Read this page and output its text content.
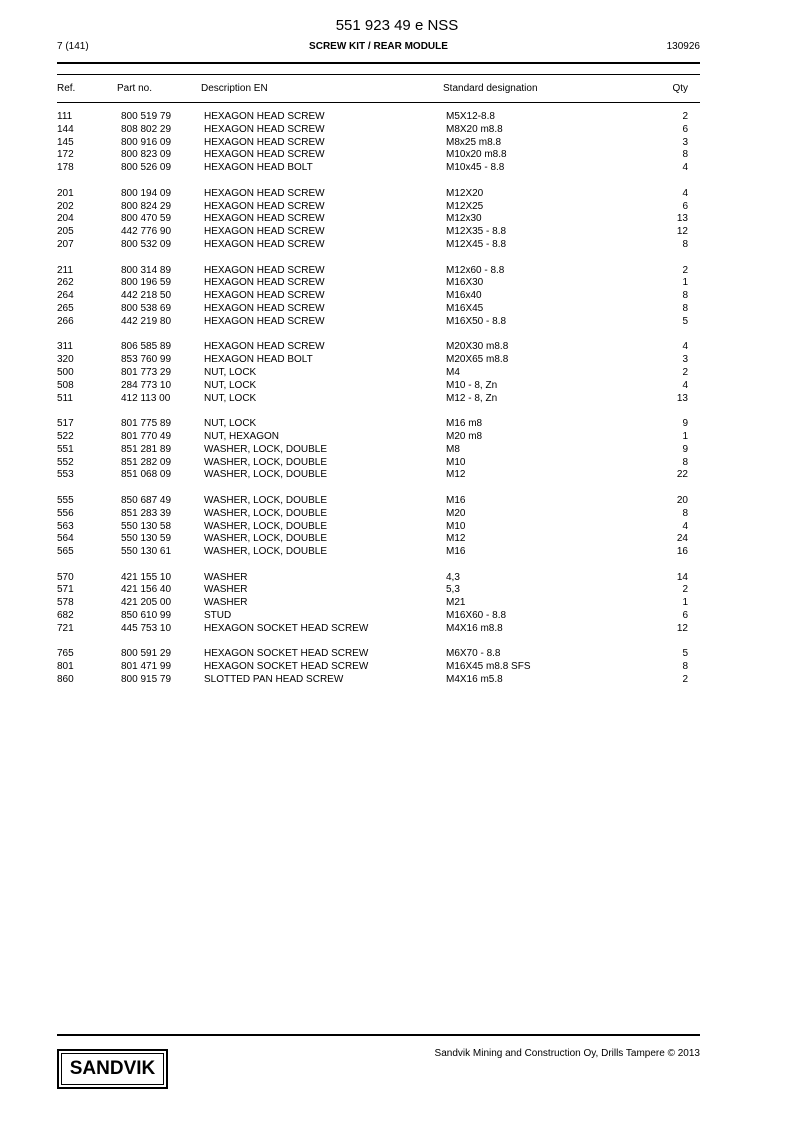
551 923 49 e NSS
7 (141)	SCREW KIT / REAR MODULE	130926
Ref.	Part no.	Description EN	Standard designation	Qty
111	800 519 79	HEXAGON HEAD SCREW	M5X12-8.8	2
144	808 802 29	HEXAGON HEAD SCREW	M8X20 m8.8	6
145	800 916 09	HEXAGON HEAD SCREW	M8x25 m8.8	3
172	800 823 09	HEXAGON HEAD SCREW	M10x20 m8.8	8
178	800 526 09	HEXAGON HEAD BOLT	M10x45 - 8.8	4
201	800 194 09	HEXAGON HEAD SCREW	M12X20	4
202	800 824 29	HEXAGON HEAD SCREW	M12X25	6
204	800 470 59	HEXAGON HEAD SCREW	M12x30	13
205	442 776 90	HEXAGON HEAD SCREW	M12X35 - 8.8	12
207	800 532 09	HEXAGON HEAD SCREW	M12X45 - 8.8	8
211	800 314 89	HEXAGON HEAD SCREW	M12x60 - 8.8	2
262	800 196 59	HEXAGON HEAD SCREW	M16X30	1
264	442 218 50	HEXAGON HEAD SCREW	M16x40	8
265	800 538 69	HEXAGON HEAD SCREW	M16X45	8
266	442 219 80	HEXAGON HEAD SCREW	M16X50 - 8.8	5
311	806 585 89	HEXAGON HEAD SCREW	M20X30 m8.8	4
320	853 760 99	HEXAGON HEAD BOLT	M20X65 m8.8	3
500	801 773 29	NUT, LOCK	M4	2
508	284 773 10	NUT, LOCK	M10 - 8, Zn	4
511	412 113 00	NUT, LOCK	M12 - 8, Zn	13
517	801 775 89	NUT, LOCK	M16 m8	9
522	801 770 49	NUT, HEXAGON	M20 m8	1
551	851 281 89	WASHER, LOCK, DOUBLE	M8	9
552	851 282 09	WASHER, LOCK, DOUBLE	M10	8
553	851 068 09	WASHER, LOCK, DOUBLE	M12	22
555	850 687 49	WASHER, LOCK, DOUBLE	M16	20
556	851 283 39	WASHER, LOCK, DOUBLE	M20	8
563	550 130 58	WASHER, LOCK, DOUBLE	M10	4
564	550 130 59	WASHER, LOCK, DOUBLE	M12	24
565	550 130 61	WASHER, LOCK, DOUBLE	M16	16
570	421 155 10	WASHER	4,3	14
571	421 156 40	WASHER	5,3	2
578	421 205 00	WASHER	M21	1
682	850 610 99	STUD	M16X60 - 8.8	6
721	445 753 10	HEXAGON SOCKET HEAD SCREW	M4X16 m8.8	12
765	800 591 29	HEXAGON SOCKET HEAD SCREW	M6X70 - 8.8	5
801	801 471 99	HEXAGON SOCKET HEAD SCREW	M16X45 m8.8 SFS	8
860	800 915 79	SLOTTED PAN HEAD SCREW	M4X16 m5.8	2
SANDVIK
Sandvik Mining and Construction Oy, Drills Tampere © 2013
